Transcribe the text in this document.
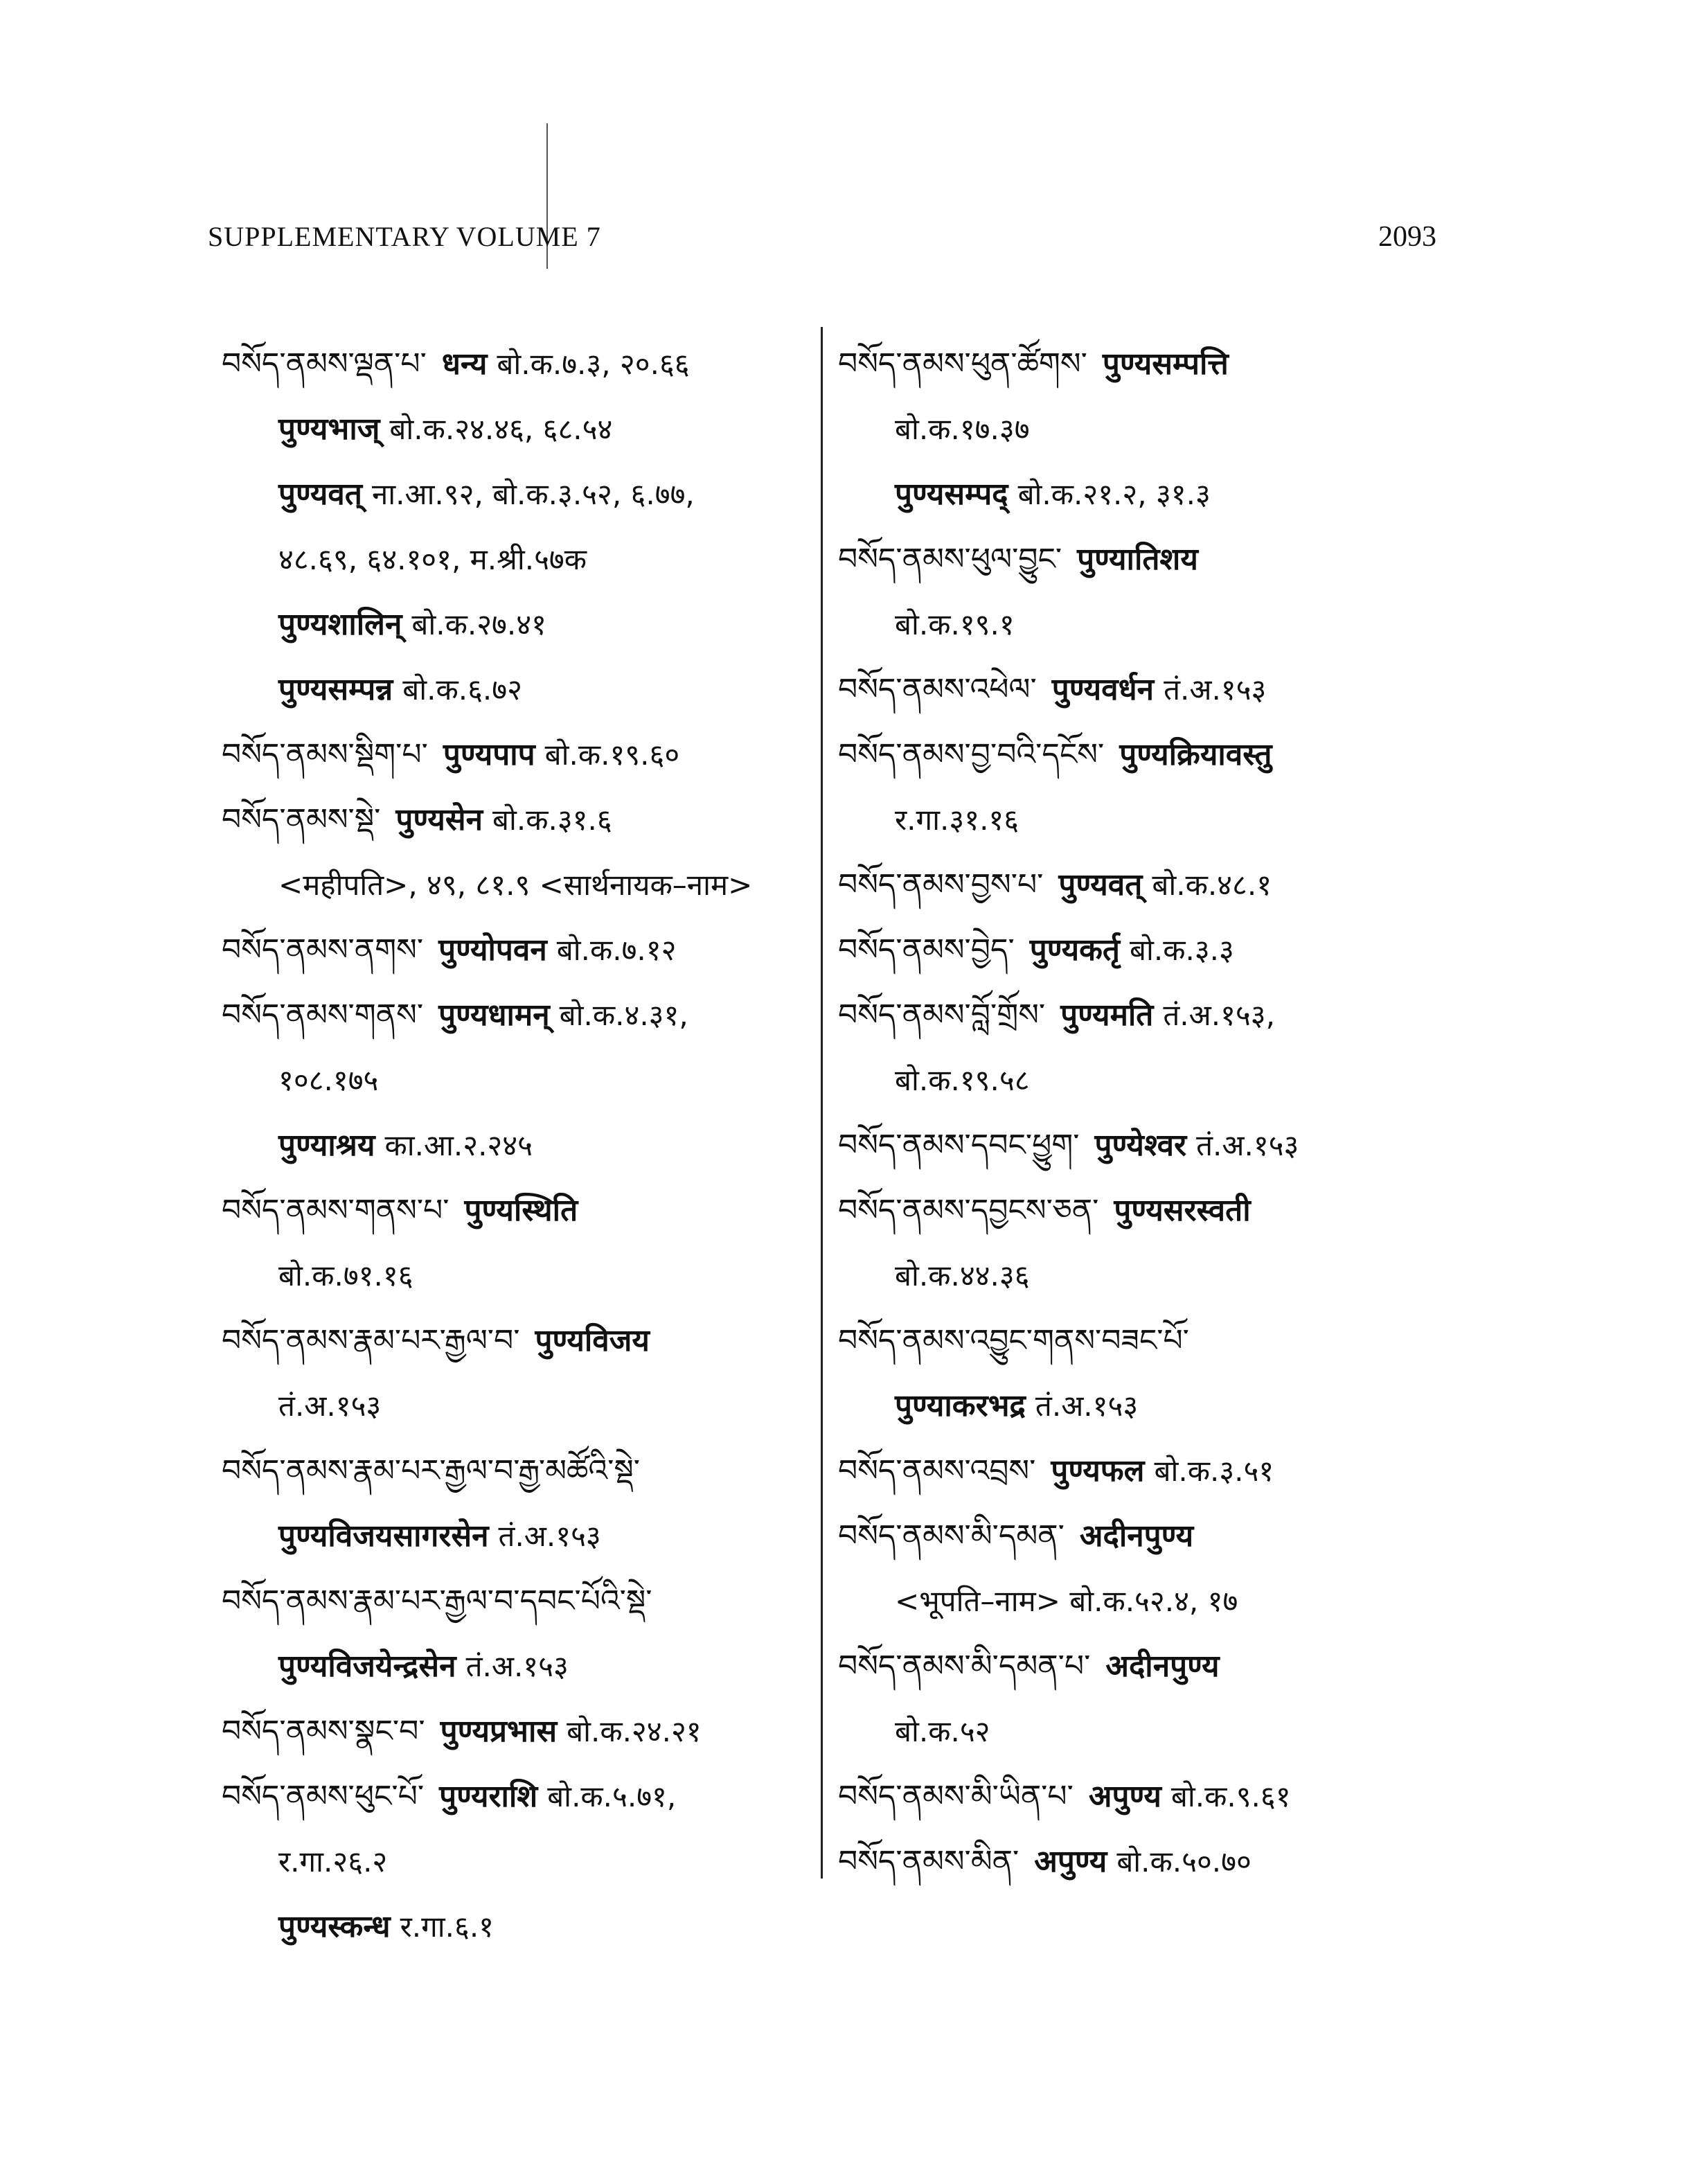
SUPPLEMENTARY VOLUME 7	2093
བསོད་ནམས་ལྡན་པ་ धन्य बो.क.७.३, २०.६६
पुण्यभाज् बो.क.२४.४६, ६८.५४
पुण्यवत् ना.आ.९२, बो.क.३.५२, ६.७७,
४८.६९, ६४.१०१, म.श्री.५७क
पुण्यशालिन् बो.क.२७.४१
पुण्यसम्पन्न बो.क.६.७२
བསོད་ནམས་སྡིག་པ་ पुण्यपाप बो.क.१९.६०
བསོད་ནམས་སྡེ་ पुण्यसेन बो.क.३१.६
<महीपति>, ४९, ८१.९ <सार्थनायक–नाम>
བསོད་ནམས་ནགས་ पुण्योपवन बो.क.७.१२
བསོད་ནམས་གནས་ पुण्यधामन् बो.क.४.३१,
१०८.१७५
पुण्याश्रय का.आ.२.२४५
བསོད་ནམས་གནས་པ་ पुण्यस्थिति
बो.क.७१.१६
བསོད་ནམས་རྣམ་པར་རྒྱལ་བ་ पुण्यविजय
तं.अ.१५३
བསོད་ནམས་རྣམ་པར་རྒྱལ་བ་རྒྱ་མཚོའི་སྡེ་
पुण्यविजयसागरसेन तं.अ.१५३
བསོད་ནམས་རྣམ་པར་རྒྱལ་བ་དབང་པོའི་སྡེ་
पुण्यविजयेन्द्रसेन तं.अ.१५३
བསོད་ནམས་སྣང་བ་ पुण्यप्रभास बो.क.२४.२१
བསོད་ནམས་ཕུང་པོ་ पुण्यराशि बो.क.५.७१,
र.गा.२६.२
पुण्यस्कन्ध र.गा.६.१
བསོད་ནམས་ཕུན་ཚོགས་ पुण्यसम्पत्ति
बो.क.१७.३७
पुण्यसम्पद् बो.क.२१.२, ३१.३
བསོད་ནམས་ཕུལ་བྱུང་ पुण्यातिशय
बो.क.१९.१
བསོད་ནམས་འཕེལ་ पुण्यवर्धन तं.अ.१५३
བསོད་ནམས་བྱ་བའི་དངོས་ पुण्यक्रियावस्तु
र.गा.३१.१६
བསོད་ནམས་བྱས་པ་ पुण्यवत् बो.क.४८.१
བསོད་ནམས་བྱེད་ पुण्यकर्तृ बो.क.३.३
བསོད་ནམས་བློ་གྲོས་ पुण्यमति तं.अ.१५३,
बो.क.१९.५८
བསོད་ནམས་དབང་ཕྱུག་ पुण्येश्वर तं.अ.१५३
བསོད་ནམས་དབྱངས་ཅན་ पुण्यसरस्वती
बो.क.४४.३६
བསོད་ནམས་འབྱུང་གནས་བཟང་པོ་
पुण्याकरभद्र तं.अ.१५३
བསོད་ནམས་འབྲས་ पुण्यफल बो.क.३.५१
བསོད་ནམས་མི་དམན་ अदीनपुण्य
<भूपति–नाम> बो.क.५२.४, १७
བསོད་ནམས་མི་དམན་པ་ अदीनपुण्य
बो.क.५२
བསོད་ནམས་མི་ཡིན་པ་ अपुण्य बो.क.९.६१
བསོད་ནམས་མིན་ अपुण्य बो.क.५०.७०
